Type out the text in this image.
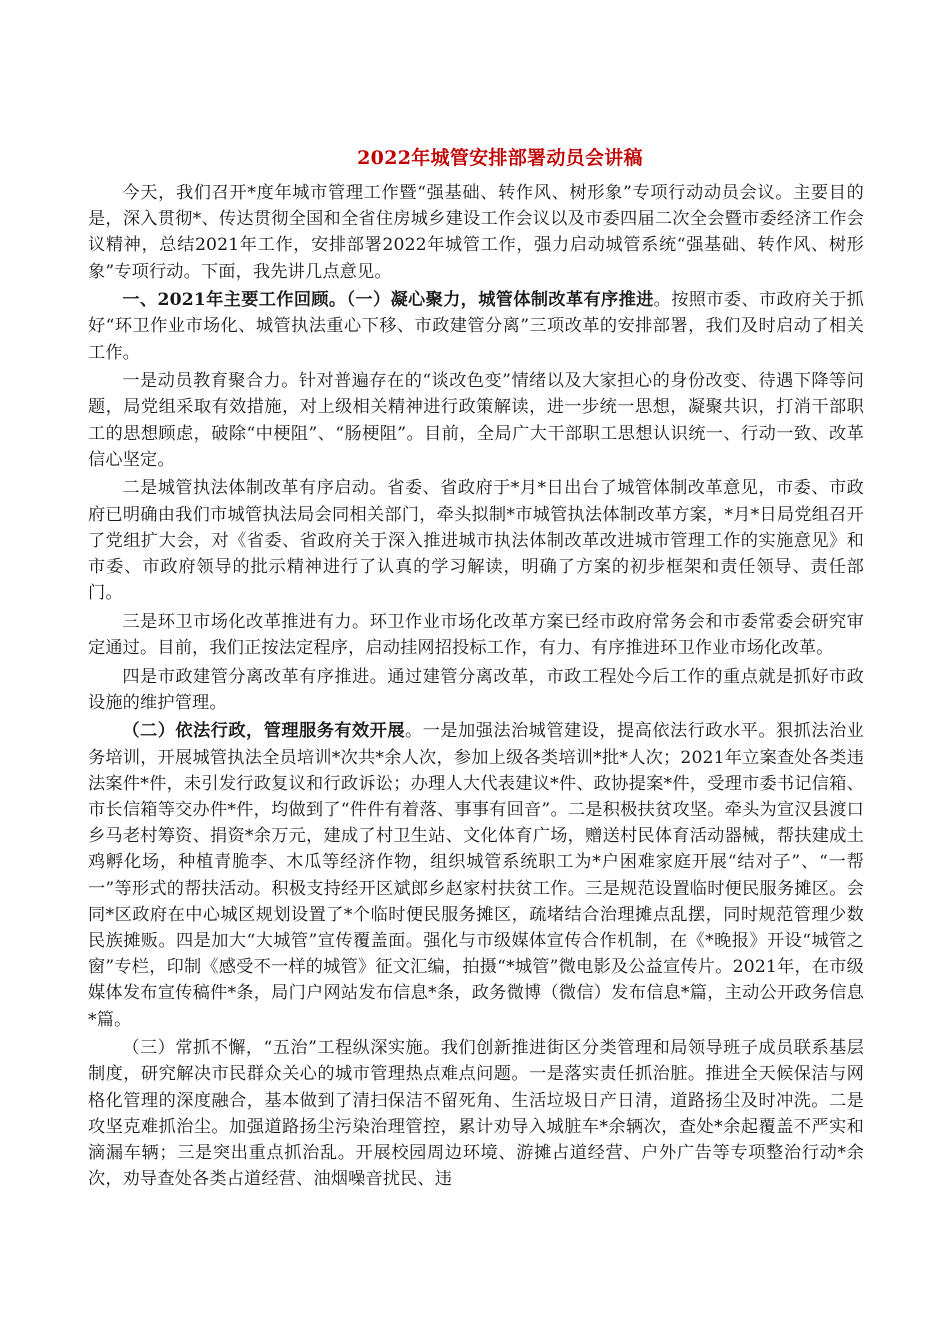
2022年城管安排部署动员会讲稿

今天，我们召开*度年城市管理工作暨“强基础、转作风、树形象”专项行动动员会议。主要目的是，深入贯彻*、传达贯彻全国和全省住房城乡建设工作会议以及市委四届二次全会暨市委经济工作会议精神，总结2021年工作，安排部署2022年城管工作，强力启动城管系统“强基础、转作风、树形象”专项行动。下面，我先讲几点意见。

一、2021年主要工作回顾。（一）凝心聚力，城管体制改革有序推进。按照市委、市政府关于抓好“环卫作业市场化、城管执法重心下移、市政建管分离”三项改革的安排部署，我们及时启动了相关工作。

一是动员教育聚合力。针对普遍存在的“谈改色变”情绪以及大家担心的身份改变、待遇下降等问题，局党组采取有效措施，对上级相关精神进行政策解读，进一步统一思想，凝聚共识，打消干部职工的思想顾虑，破除“中梗阻”、“肠梗阻”。目前，全局广大干部职工思想认识统一、行动一致、改革信心坚定。

二是城管执法体制改革有序启动。省委、省政府于*月*日出台了城管体制改革意见，市委、市政府已明确由我们市城管执法局会同相关部门，牵头拟制*市城管执法体制改革方案，*月*日局党组召开了党组扩大会，对《省委、省政府关于深入推进城市执法体制改革改进城市管理工作的实施意见》和市委、市政府领导的批示精神进行了认真的学习解读，明确了方案的初步框架和责任领导、责任部门。

三是环卫市场化改革推进有力。环卫作业市场化改革方案已经市政府常务会和市委常委会研究审定通过。目前，我们正按法定程序，启动挂网招投标工作，有力、有序推进环卫作业市场化改革。

四是市政建管分离改革有序推进。通过建管分离改革，市政工程处今后工作的重点就是抓好市政设施的维护管理。

（二）依法行政，管理服务有效开展。一是加强法治城管建设，提高依法行政水平。狠抓法治业务培训，开展城管执法全员培训*次共*余人次，参加上级各类培训*批*人次；2021年立案查处各类违法案件*件，未引发行政复议和行政诉讼；办理人大代表建议*件、政协提案*件，受理市委书记信箱、市长信箱等交办件*件，均做到了“件件有着落、事事有回音”。二是积极扶贫攻坚。牵头为宣汉县渡口乡马老村筹资、捐资*余万元，建成了村卫生站、文化体育广场，赠送村民体育活动器械，帮扶建成土鸡孵化场，种植青脆李、木瓜等经济作物，组织城管系统职工为*户困难家庭开展“结对子”、“一帮一”等形式的帮扶活动。积极支持经开区斌郎乡赵家村扶贫工作。三是规范设置临时便民服务摊区。会同*区政府在中心城区规划设置了*个临时便民服务摊区，疏堵结合治理摊点乱摆，同时规范管理少数民族摊贩。四是加大“大城管”宣传覆盖面。强化与市级媒体宣传合作机制，在《*晚报》开设“城管之窗”专栏，印制《感受不一样的城管》征文汇编，拍摄“*城管”微电影及公益宣传片。2021年，在市级媒体发布宣传稿件*条，局门户网站发布信息*条，政务微博（微信）发布信息*篇，主动公开政务信息*篇。

（三）常抓不懈，“五治”工程纵深实施。我们创新推进街区分类管理和局领导班子成员联系基层制度，研究解决市民群众关心的城市管理热点难点问题。一是落实责任抓治脏。推进全天候保洁与网格化管理的深度融合，基本做到了清扫保洁不留死角、生活垃圾日产日清，道路扬尘及时冲洗。二是攻坚克难抓治尘。加强道路扬尘污染治理管控，累计劝导入城脏车*余辆次，查处*余起覆盖不严实和滴漏车辆；三是突出重点抓治乱。开展校园周边环境、游摊占道经营、户外广告等专项整治行动*余次，劝导查处各类占道经营、油烟噪音扰民、违
